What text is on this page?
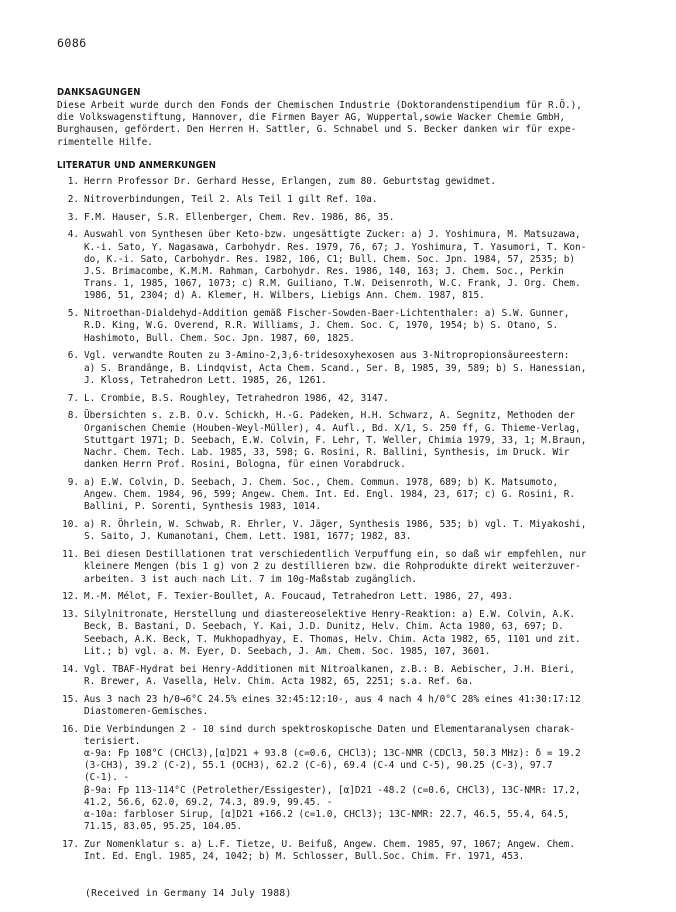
6086
DANKSAGUNGEN
Diese Arbeit wurde durch den Fonds der Chemischen Industrie (Doktorandenstipendium für R.Ö.),
die Volkswagenstiftung, Hannover, die Firmen Bayer AG, Wuppertal,sowie Wacker Chemie GmbH,
Burghausen, gefördert. Den Herren H. Sattler, G. Schnabel und S. Becker danken wir für expe-
rimentelle Hilfe.
LITERATUR UND ANMERKUNGEN
1. Herrn Professor Dr. Gerhard Hesse, Erlangen, zum 80. Geburtstag gewidmet.
2. Nitroverbindungen, Teil 2. Als Teil 1 gilt Ref. 10a.
3. F.M. Hauser, S.R. Ellenberger, Chem. Rev. 1986, 86, 35.
4. Auswahl von Synthesen über Keto-bzw. ungesättigte Zucker: a) J. Yoshimura, M. Matsuzawa,
K.-i. Sato, Y. Nagasawa, Carbohydr. Res. 1979, 76, 67; J. Yoshimura, T. Yasumori, T. Kon-
do, K.-i. Sato, Carbohydr. Res. 1982, 106, C1; Bull. Chem. Soc. Jpn. 1984, 57, 2535; b)
J.S. Brimacombe, K.M.M. Rahman, Carbohydr. Res. 1986, 140, 163; J. Chem. Soc., Perkin
Trans. 1, 1985, 1067, 1073; c) R.M. Guiliano, T.W. Deisenroth, W.C. Frank, J. Org. Chem.
1986, 51, 2304; d) A. Klemer, H. Wilbers, Liebigs Ann. Chem. 1987, 815.
5. Nitroethan-Dialdehyd-Addition gemäß Fischer-Sowden-Baer-Lichtenthaler: a) S.W. Gunner,
R.D. King, W.G. Overend, R.R. Williams, J. Chem. Soc. C, 1970, 1954; b) S. Otano, S.
Hashimoto, Bull. Chem. Soc. Jpn. 1987, 60, 1825.
6. Vgl. verwandte Routen zu 3-Amino-2,3,6-tridesoxyhexosen aus 3-Nitropropionsäureestern:
a) S. Brandänge, B. Lindqvist, Acta Chem. Scand., Ser. B, 1985, 39, 589; b) S. Hanessian,
J. Kloss, Tetrahedron Lett. 1985, 26, 1261.
7. L. Crombie, B.S. Roughley, Tetrahedron 1986, 42, 3147.
8. Übersichten s. z.B. O.v. Schickh, H.-G. Padeken, H.H. Schwarz, A. Segnitz, Methoden der
Organischen Chemie (Houben-Weyl-Müller), 4. Aufl., Bd. X/1, S. 250 ff, G. Thieme-Verlag,
Stuttgart 1971; D. Seebach, E.W. Colvin, F. Lehr, T. Weller, Chimia 1979, 33, 1; M.Braun,
Nachr. Chem. Tech. Lab. 1985, 33, 598; G. Rosini, R. Ballini, Synthesis, im Druck. Wir
danken Herrn Prof. Rosini, Bologna, für einen Vorabdruck.
9. a) E.W. Colvin, D. Seebach, J. Chem. Soc., Chem. Commun. 1978, 689; b) K. Matsumoto,
Angew. Chem. 1984, 96, 599; Angew. Chem. Int. Ed. Engl. 1984, 23, 617; c) G. Rosini, R.
Ballini, P. Sorenti, Synthesis 1983, 1014.
10. a) R. Öhrlein, W. Schwab, R. Ehrler, V. Jäger, Synthesis 1986, 535; b) vgl. T. Miyakoshi,
S. Saito, J. Kumanotani, Chem. Lett. 1981, 1677; 1982, 83.
11. Bei diesen Destillationen trat verschiedentlich Verpuffung ein, so daß wir empfehlen, nur
kleinere Mengen (bis 1 g) von 2 zu destillieren bzw. die Rohprodukte direkt weiterzuver-
arbeiten. 3 ist auch nach Lit. 7 im 10g-Maßstab zugänglich.
12. M.-M. Mélot, F. Texier-Boullet, A. Foucaud, Tetrahedron Lett. 1986, 27, 493.
13. Silylnitronate, Herstellung und diastereoselektive Henry-Reaktion: a) E.W. Colvin, A.K.
Beck, B. Bastani, D. Seebach, Y. Kai, J.D. Dunitz, Helv. Chim. Acta 1980, 63, 697; D.
Seebach, A.K. Beck, T. Mukhopadhyay, E. Thomas, Helv. Chim. Acta 1982, 65, 1101 und zit.
Lit.; b) vgl. a. M. Eyer, D. Seebach, J. Am. Chem. Soc. 1985, 107, 3601.
14. Vgl. TBAF-Hydrat bei Henry-Additionen mit Nitroalkanen, z.B.: B. Aebischer, J.H. Bieri,
R. Brewer, A. Vasella, Helv. Chim. Acta 1982, 65, 2251; s.a. Ref. 6a.
15. Aus 3 nach 23 h/0→6°C 24.5% eines 32:45:12:10-, aus 4 nach 4 h/0°C 28% eines 41:30:17:12
Diastomeren-Gemisches.
16. Die Verbindungen 2 - 10 sind durch spektroskopische Daten und Elementaranalysen charak-
terisiert.
α-9a: Fp 108°C (CHCl3),[α]D21 + 93.8 (c=0.6, CHCl3); 13C-NMR (CDCl3, 50.3 MHz): δ = 19.2
(3-CH3), 39.2 (C-2), 55.1 (OCH3), 62.2 (C-6), 69.4 (C-4 und C-5), 90.25 (C-3), 97.7
(C-1). -
β-9a: Fp 113-114°C (Petrolether/Essigester), [α]D21 -48.2 (c=0.6, CHCl3), 13C-NMR: 17.2,
41.2, 56.6, 62.0, 69.2, 74.3, 89.9, 99.45. -
α-10a: farbloser Sirup, [α]D21 +166.2 (c=1.0, CHCl3); 13C-NMR: 22.7, 46.5, 55.4, 64.5,
71.15, 83.05, 95.25, 104.05.
17. Zur Nomenklatur s. a) L.F. Tietze, U. Beifuß, Angew. Chem. 1985, 97, 1067; Angew. Chem.
Int. Ed. Engl. 1985, 24, 1042; b) M. Schlosser, Bull.Soc. Chim. Fr. 1971, 453.
(Received in Germany 14 July 1988)
